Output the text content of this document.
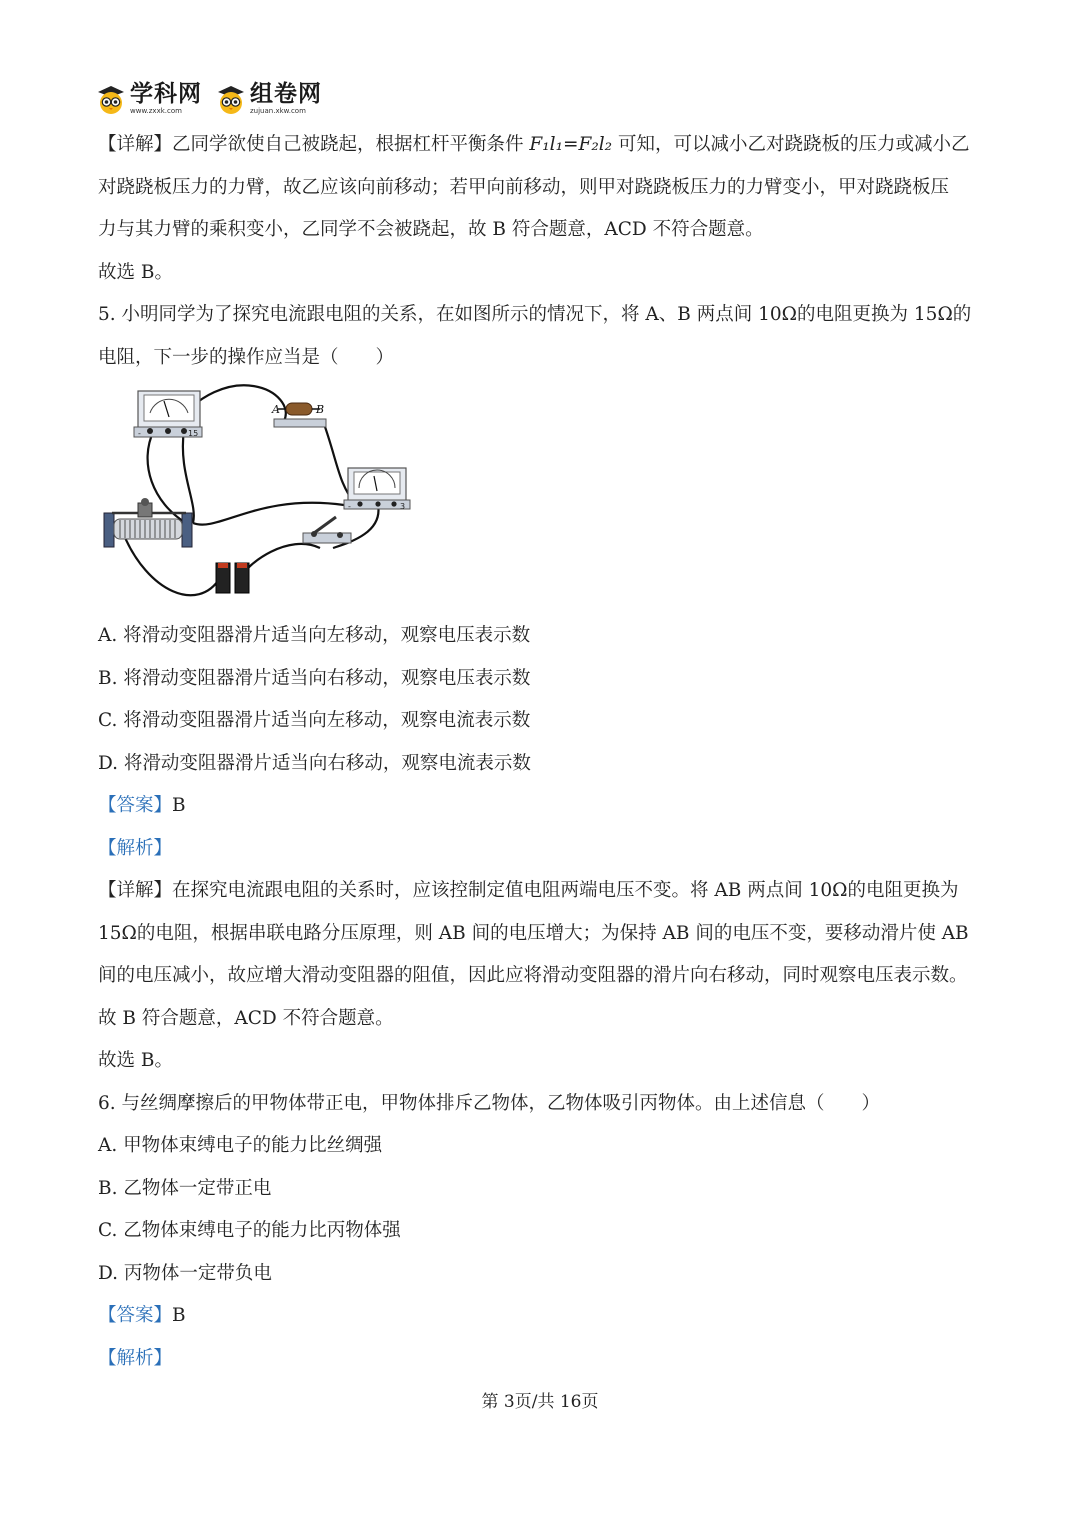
学科网
www.zxxk.com
组卷网
zujuan.xkw.com
【详解】乙同学欲使自己被跷起，根据杠杆平衡条件 F₁l₁=F₂l₂ 可知，可以减小乙对跷跷板的压力或减小乙
对跷跷板压力的力臂，故乙应该向前移动；若甲向前移动，则甲对跷跷板压力的力臂变小，甲对跷跷板压
力与其力臂的乘积变小，乙同学不会被跷起，故 B 符合题意，ACD 不符合题意。
故选 B。
5. 小明同学为了探究电流跟电阻的关系，在如图所示的情况下，将 A、B 两点间 10Ω的电阻更换为 15Ω的
电阻，下一步的操作应当是（　　）
-	15
A	B
-	3
A. 将滑动变阻器滑片适当向左移动，观察电压表示数
B. 将滑动变阻器滑片适当向右移动，观察电压表示数
C. 将滑动变阻器滑片适当向左移动，观察电流表示数
D. 将滑动变阻器滑片适当向右移动，观察电流表示数
【答案】B
【解析】
【详解】在探究电流跟电阻的关系时，应该控制定值电阻两端电压不变。将 AB 两点间 10Ω的电阻更换为
15Ω的电阻，根据串联电路分压原理，则 AB 间的电压增大；为保持 AB 间的电压不变，要移动滑片使 AB
间的电压减小，故应增大滑动变阻器的阻值，因此应将滑动变阻器的滑片向右移动，同时观察电压表示数。
故 B 符合题意，ACD 不符合题意。
故选 B。
6. 与丝绸摩擦后的甲物体带正电，甲物体排斥乙物体，乙物体吸引丙物体。由上述信息（　　）
A. 甲物体束缚电子的能力比丝绸强
B. 乙物体一定带正电
C. 乙物体束缚电子的能力比丙物体强
D. 丙物体一定带负电
【答案】B
【解析】
第 3页/共 16页
